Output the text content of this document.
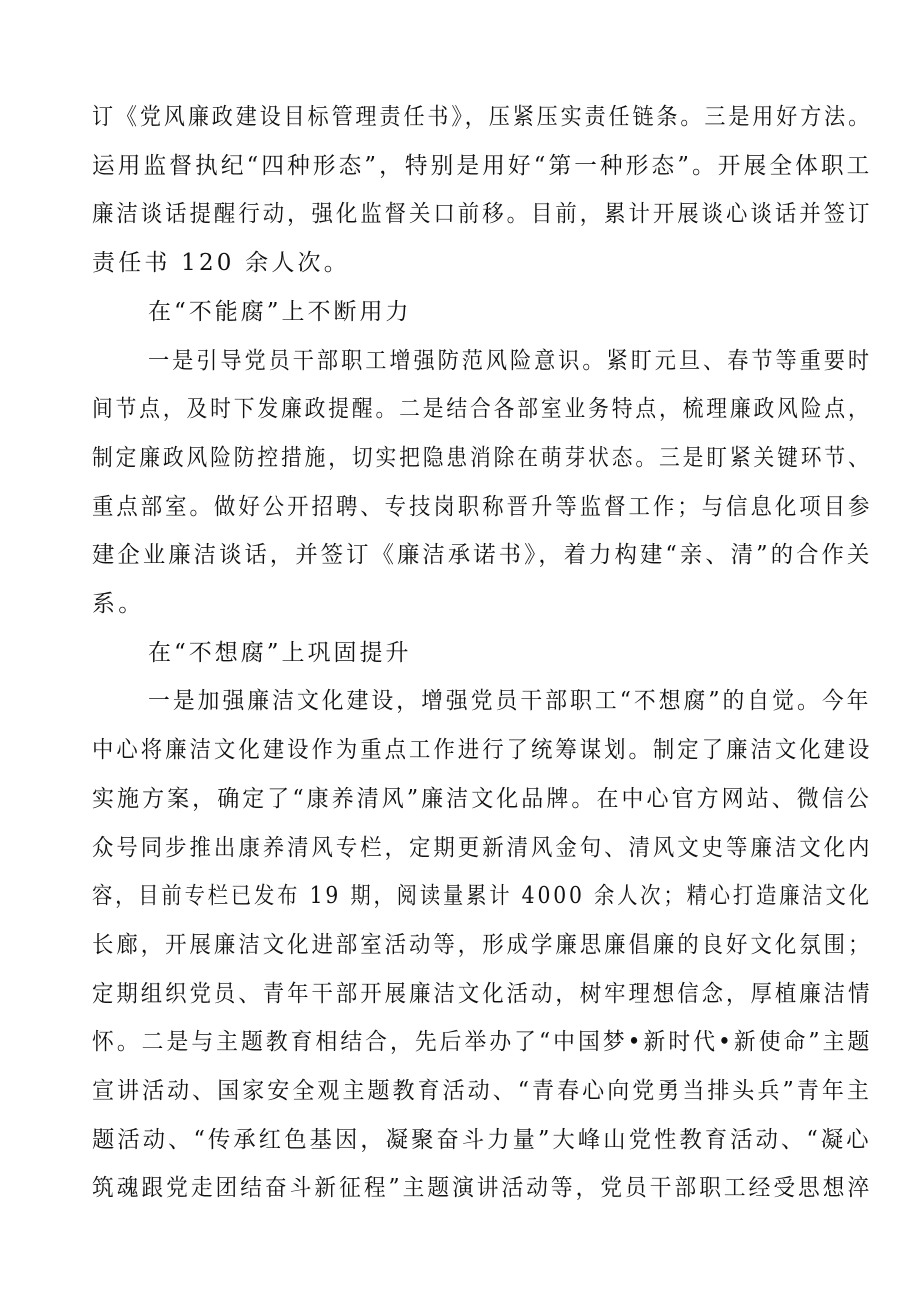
订《党风廉政建设目标管理责任书》，压紧压实责任链条。三是用好方法。
运用监督执纪“四种形态”，特别是用好“第一种形态”。开展全体职工
廉洁谈话提醒行动，强化监督关口前移。目前，累计开展谈心谈话并签订
责任书 120 余人次。
在“不能腐”上不断用力
一是引导党员干部职工增强防范风险意识。紧盯元旦、春节等重要时
间节点，及时下发廉政提醒。二是结合各部室业务特点，梳理廉政风险点，
制定廉政风险防控措施，切实把隐患消除在萌芽状态。三是盯紧关键环节、
重点部室。做好公开招聘、专技岗职称晋升等监督工作；与信息化项目参
建企业廉洁谈话，并签订《廉洁承诺书》，着力构建“亲、清”的合作关
系。
在“不想腐”上巩固提升
一是加强廉洁文化建设，增强党员干部职工“不想腐”的自觉。今年
中心将廉洁文化建设作为重点工作进行了统筹谋划。制定了廉洁文化建设
实施方案，确定了“康养清风”廉洁文化品牌。在中心官方网站、微信公
众号同步推出康养清风专栏，定期更新清风金句、清风文史等廉洁文化内
容，目前专栏已发布 19 期，阅读量累计 4000 余人次；精心打造廉洁文化
长廊，开展廉洁文化进部室活动等，形成学廉思廉倡廉的良好文化氛围；
定期组织党员、青年干部开展廉洁文化活动，树牢理想信念，厚植廉洁情
怀。二是与主题教育相结合，先后举办了“中国梦•新时代•新使命”主题
宣讲活动、国家安全观主题教育活动、“青春心向党勇当排头兵”青年主
题活动、“传承红色基因，凝聚奋斗力量”大峰山党性教育活动、“凝心
筑魂跟党走团结奋斗新征程”主题演讲活动等，党员干部职工经受思想淬
